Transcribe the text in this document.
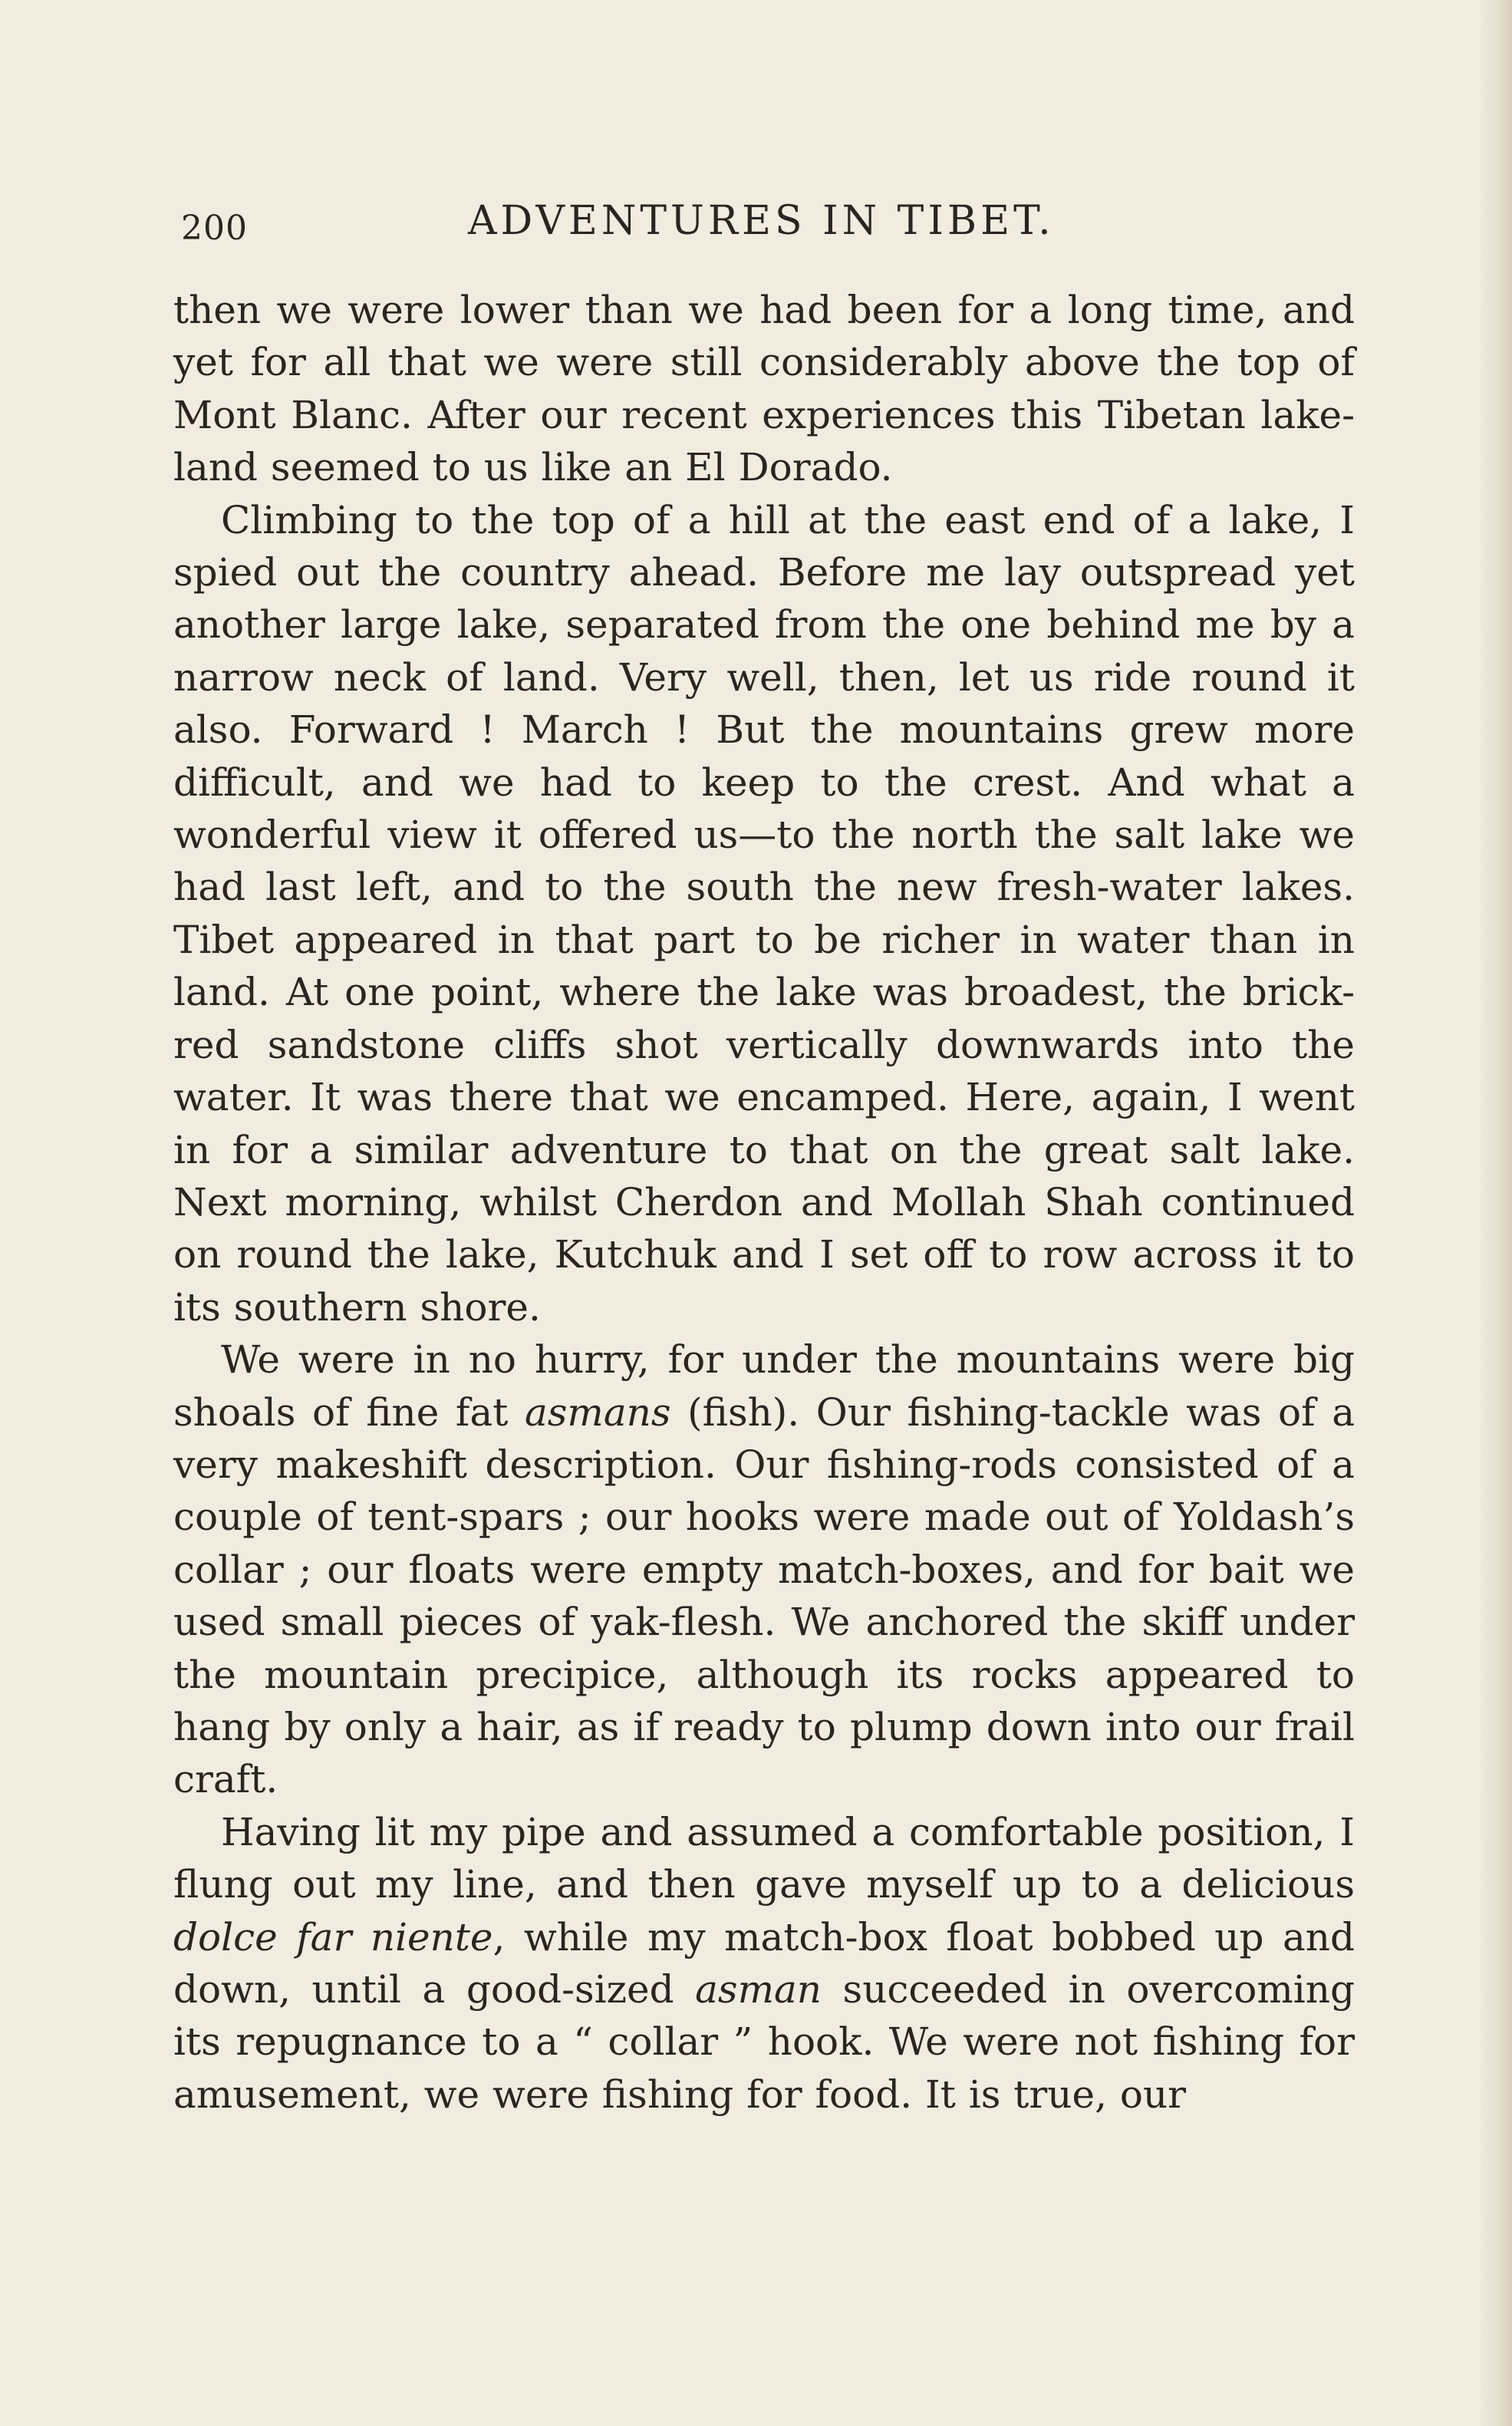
200	ADVENTURES IN TIBET.

then we were lower than we had been for a long time, and yet for all that we were still considerably above the top of Mont Blanc. After our recent experiences this Tibetan lake-land seemed to us like an El Dorado.

Climbing to the top of a hill at the east end of a lake, I spied out the country ahead. Before me lay outspread yet another large lake, separated from the one behind me by a narrow neck of land. Very well, then, let us ride round it also. Forward ! March ! But the mountains grew more difficult, and we had to keep to the crest. And what a wonderful view it offered us—to the north the salt lake we had last left, and to the south the new fresh-water lakes. Tibet appeared in that part to be richer in water than in land. At one point, where the lake was broadest, the brick-red sandstone cliffs shot vertically downwards into the water. It was there that we encamped. Here, again, I went in for a similar adventure to that on the great salt lake. Next morning, whilst Cherdon and Mollah Shah continued on round the lake, Kutchuk and I set off to row across it to its southern shore.

We were in no hurry, for under the mountains were big shoals of fine fat asmans (fish). Our fishing-tackle was of a very makeshift description. Our fishing-rods consisted of a couple of tent-spars ; our hooks were made out of Yoldash’s collar ; our floats were empty match-boxes, and for bait we used small pieces of yak-flesh. We anchored the skiff under the mountain precipice, although its rocks appeared to hang by only a hair, as if ready to plump down into our frail craft.

Having lit my pipe and assumed a comfortable position, I flung out my line, and then gave myself up to a delicious dolce far niente, while my match-box float bobbed up and down, until a good-sized asman succeeded in overcoming its repugnance to a “ collar ” hook. We were not fishing for amusement, we were fishing for food. It is true, our
